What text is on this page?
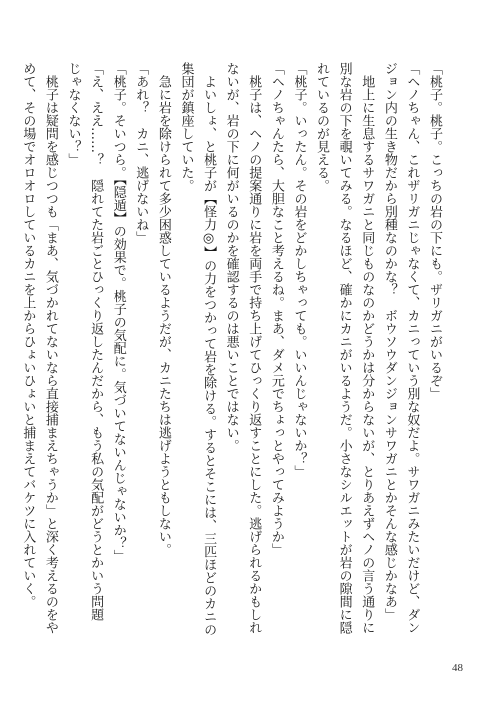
「桃子。桃子。こっちの岩の下にも。ザリガニがいるぞ」
「ヘノちゃん、これザリガニじゃなくて、カニっていう別な奴だよ。サワガニみたいだけど、ダン
ジョン内の生き物だから別種なのかな？　ボウソウダンジョンサワガニとかそんな感じかなあ」
地上に生息するサワガニと同じものなのかどうかは分からないが、とりあえずヘノの言う通りに
別な岩の下を覗いてみる。なるほど、確かにカニがいるようだ。小さなシルエットが岩の隙間に隠
れているのが見える。
「桃子。いったん。その岩をどかしちゃっても。いいんじゃないか？」
「ヘノちゃんたら、大胆なこと考えるね。まあ、ダメ元でちょっとやってみようか」
桃子は、ヘノの提案通りに岩を両手で持ち上げてひっくり返すことにした。逃げられるかもしれ
ないが、岩の下に何がいるのかを確認するのは悪いことではない。
よいしょ、と桃子が【怪力◎】の力をつかって岩を除ける。するとそこには、三匹ほどのカニの
集団が鎮座していた。
急に岩を除けられて多少困惑しているようだが、カニたちは逃げようともしない。
「あれ？　カニ、逃げないね」
「桃子。そいつら。【隠遁】の効果で。桃子の気配に。気づいてないんじゃないか？」
「え、ええ……？　隠れてた岩ごとひっくり返したんだから、もう私の気配がどうとかいう問題
じゃなくない？」
桃子は疑問を感じつつも「まあ、気づかれてないなら直接捕まえちゃうか」と深く考えるのをや
めて、その場でオロオロしているカニを上からひょいひょいと捕まえてバケツに入れていく。
48
